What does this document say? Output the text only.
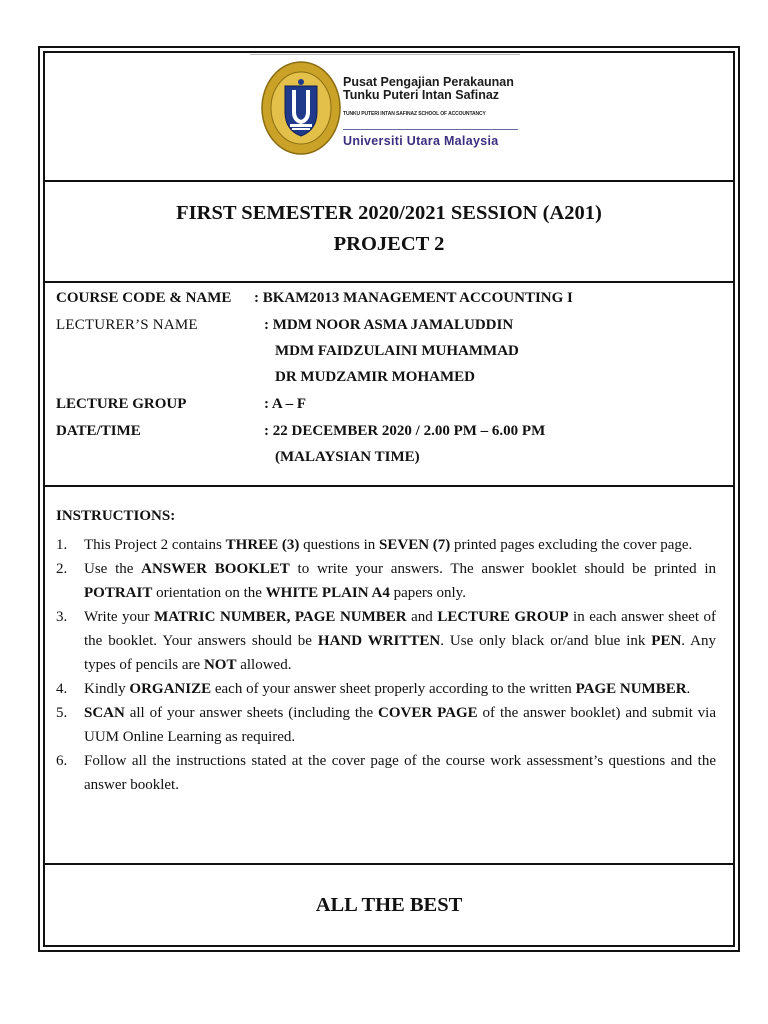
Pusat Pengajian Perakaunan
Tunku Puteri Intan Safinaz
TUNKU PUTERI INTAN SAFINAZ SCHOOL OF ACCOUNTANCY
Universiti Utara Malaysia
FIRST SEMESTER 2020/2021 SESSION (A201)
PROJECT 2
COURSE CODE & NAME : BKAM2013 MANAGEMENT ACCOUNTING I
LECTURER’S NAME	: MDM NOOR ASMA JAMALUDDIN
MDM FAIDZULAINI MUHAMMAD
DR MUDZAMIR MOHAMED
LECTURE GROUP	: A – F
DATE/TIME	: 22 DECEMBER 2020 / 2.00 PM – 6.00 PM
(MALAYSIAN TIME)
INSTRUCTIONS:
1. This Project 2 contains THREE (3) questions in SEVEN (7) printed pages excluding the cover page.
2. Use the ANSWER BOOKLET to write your answers. The answer booklet should be printed in POTRAIT orientation on the WHITE PLAIN A4 papers only.
3. Write your MATRIC NUMBER, PAGE NUMBER and LECTURE GROUP in each answer sheet of the booklet. Your answers should be HAND WRITTEN. Use only black or/and blue ink PEN. Any types of pencils are NOT allowed.
4. Kindly ORGANIZE each of your answer sheet properly according to the written PAGE NUMBER.
5. SCAN all of your answer sheets (including the COVER PAGE of the answer booklet) and submit via UUM Online Learning as required.
6. Follow all the instructions stated at the cover page of the course work assessment’s questions and the answer booklet.
ALL THE BEST
